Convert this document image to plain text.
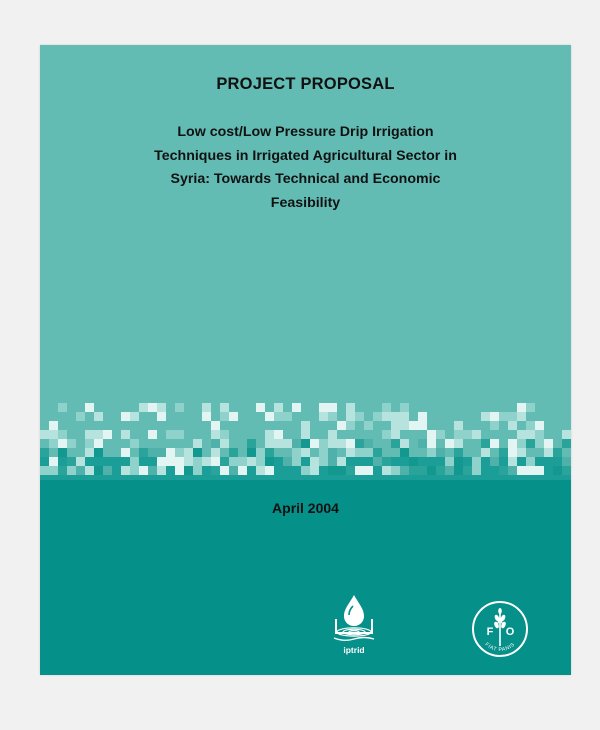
PROJECT PROPOSAL
Low cost/Low Pressure Drip Irrigation
Techniques in Irrigated Agricultural Sector in
Syria: Towards Technical and Economic
Feasibility
April 2004
iptrid
F O
A
FIAT PANIS
